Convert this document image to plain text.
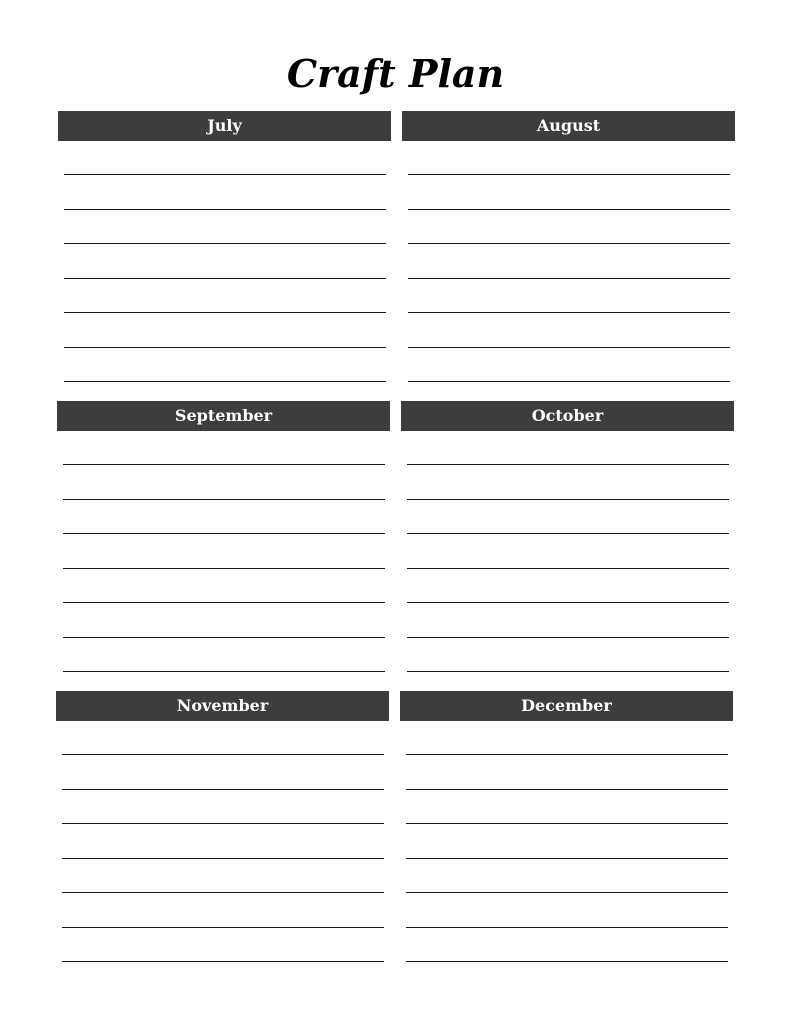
Craft Plan
July	August
September	October
November	December
